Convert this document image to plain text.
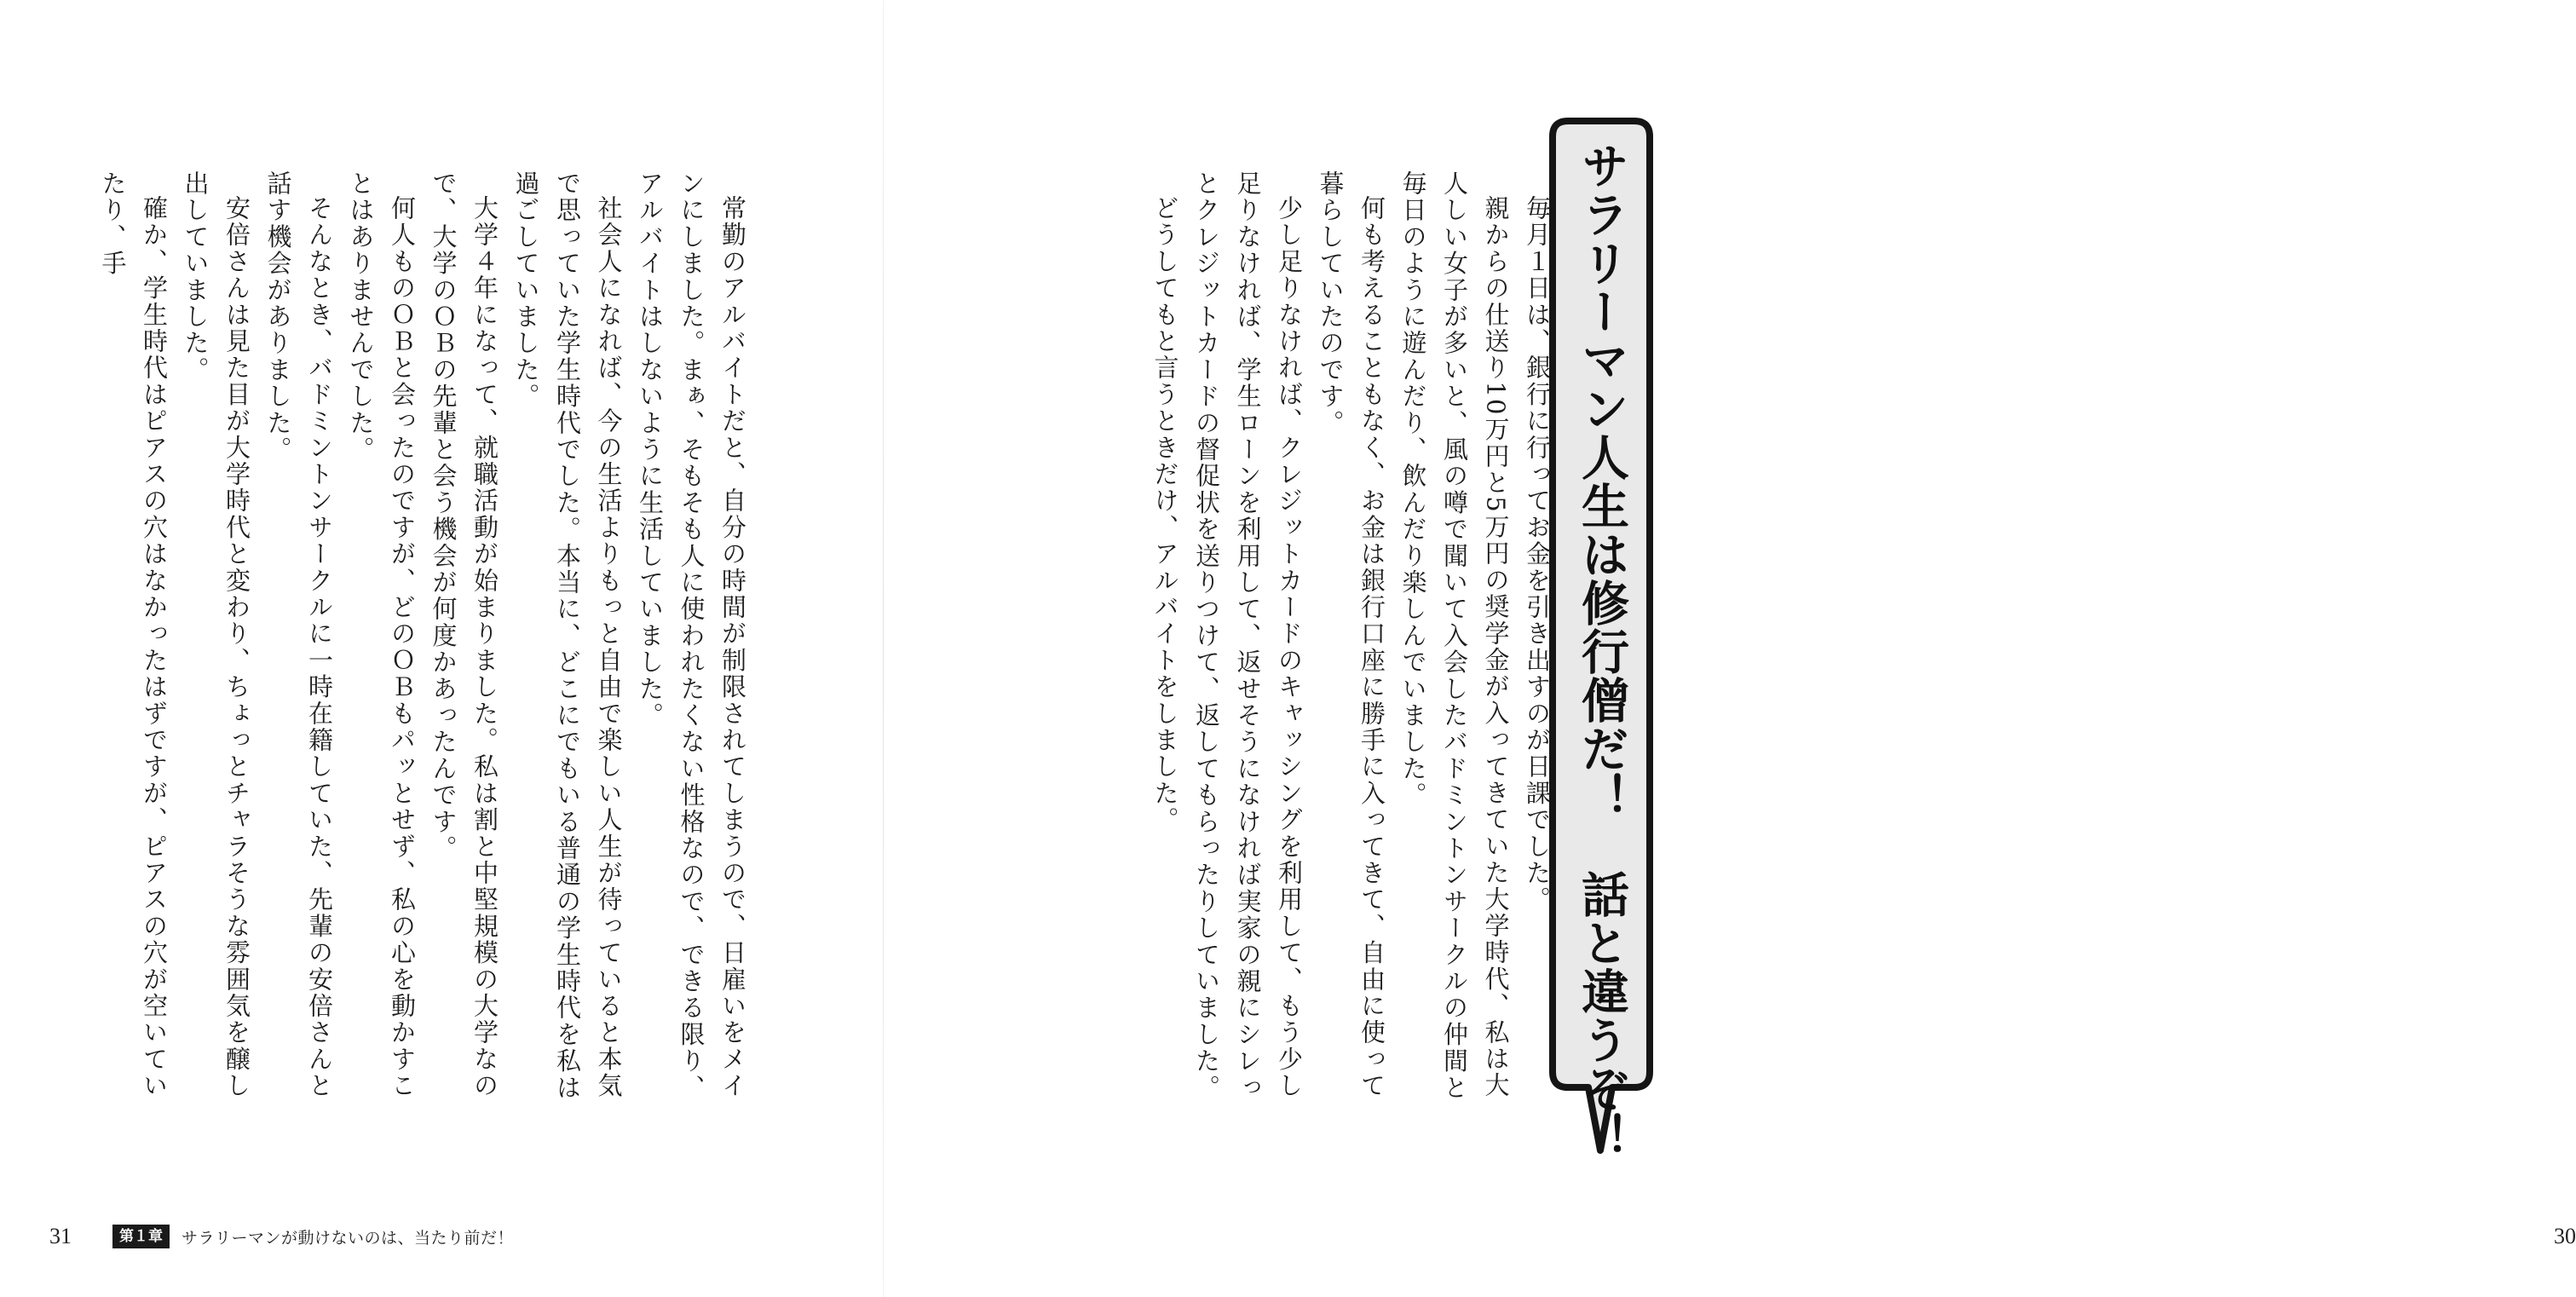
常勤のアルバイトだと、自分の時間が制限されてしまうので、日雇いをメインにしました。まぁ、そもそも人に使われたくない性格なので、できる限り、アルバイトはしないように生活していました。

社会人になれば、今の生活よりもっと自由で楽しい人生が待っていると本気で思っていた学生時代でした。本当に、どこにでもいる普通の学生時代を私は過ごしていました。

大学４年になって、就職活動が始まりました。私は割と中堅規模の大学なので、大学のＯＢの先輩と会う機会が何度かあったんです。

何人ものＯＢと会ったのですが、どのＯＢもパッとせず、私の心を動かすことはありませんでした。

そんなとき、バドミントンサークルに一時在籍していた、先輩の安倍さんと話す機会がありました。

安倍さんは見た目が大学時代と変わり、ちょっとチャラそうな雰囲気を醸し出していました。

確か、学生時代はピアスの穴はなかったはずですが、ピアスの穴が空いていたり、手

31	第１章	サラリーマンが動けないのは、当たり前だ！

毎月１日は、銀行に行ってお金を引き出すのが日課でした。

親からの仕送り10万円と5万円の奨学金が入ってきていた大学時代、私は大人しい女子が多いと、風の噂で聞いて入会したバドミントンサークルの仲間と毎日のように遊んだり、飲んだり楽しんでいました。

何も考えることもなく、お金は銀行口座に勝手に入ってきて、自由に使って暮らしていたのです。

少し足りなければ、クレジットカードのキャッシングを利用して、もう少し足りなければ、学生ローンを利用して、返せそうになければ実家の親にシレっとクレジットカードの督促状を送りつけて、返してもらったりしていました。

どうしてもと言うときだけ、アルバイトをしました。

30
サラリーマン人生は修行僧だ！　話と違うぞ！
